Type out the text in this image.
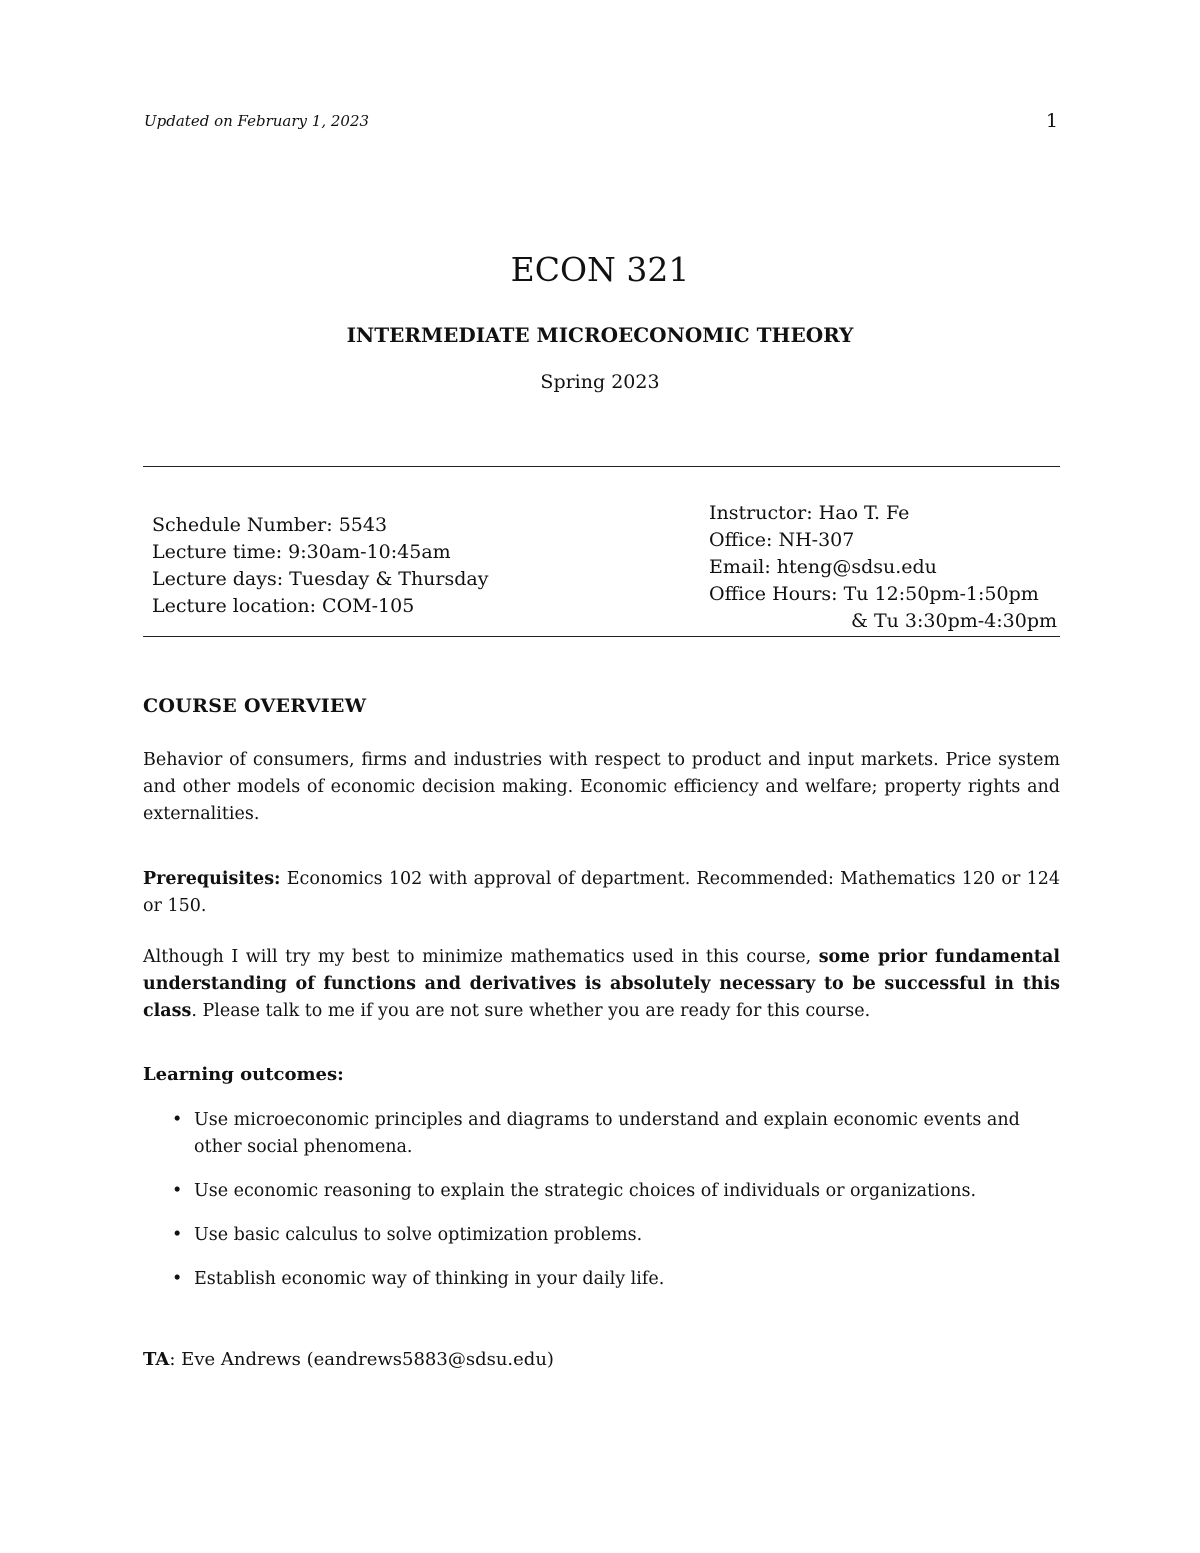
Updated on February 1, 2023	1
ECON 321
INTERMEDIATE MICROECONOMIC THEORY
Spring 2023
Schedule Number: 5543
Lecture time: 9:30am-10:45am
Lecture days: Tuesday & Thursday
Lecture location: COM-105
Instructor: Hao T. Fe
Office: NH-307
Email: hteng@sdsu.edu
Office Hours: Tu 12:50pm-1:50pm
& Tu 3:30pm-4:30pm
COURSE OVERVIEW

Behavior of consumers, firms and industries with respect to product and input markets. Price system and other models of economic decision making. Economic efficiency and welfare; property rights and externalities.

Prerequisites: Economics 102 with approval of department. Recommended: Mathematics 120 or 124 or 150.

Although I will try my best to minimize mathematics used in this course, some prior fundamental understanding of functions and derivatives is absolutely necessary to be successful in this class. Please talk to me if you are not sure whether you are ready for this course.

Learning outcomes:

• Use microeconomic principles and diagrams to understand and explain economic events and other social phenomena.
• Use economic reasoning to explain the strategic choices of individuals or organizations.
• Use basic calculus to solve optimization problems.
• Establish economic way of thinking in your daily life.

TA: Eve Andrews (eandrews5883@sdsu.edu)
